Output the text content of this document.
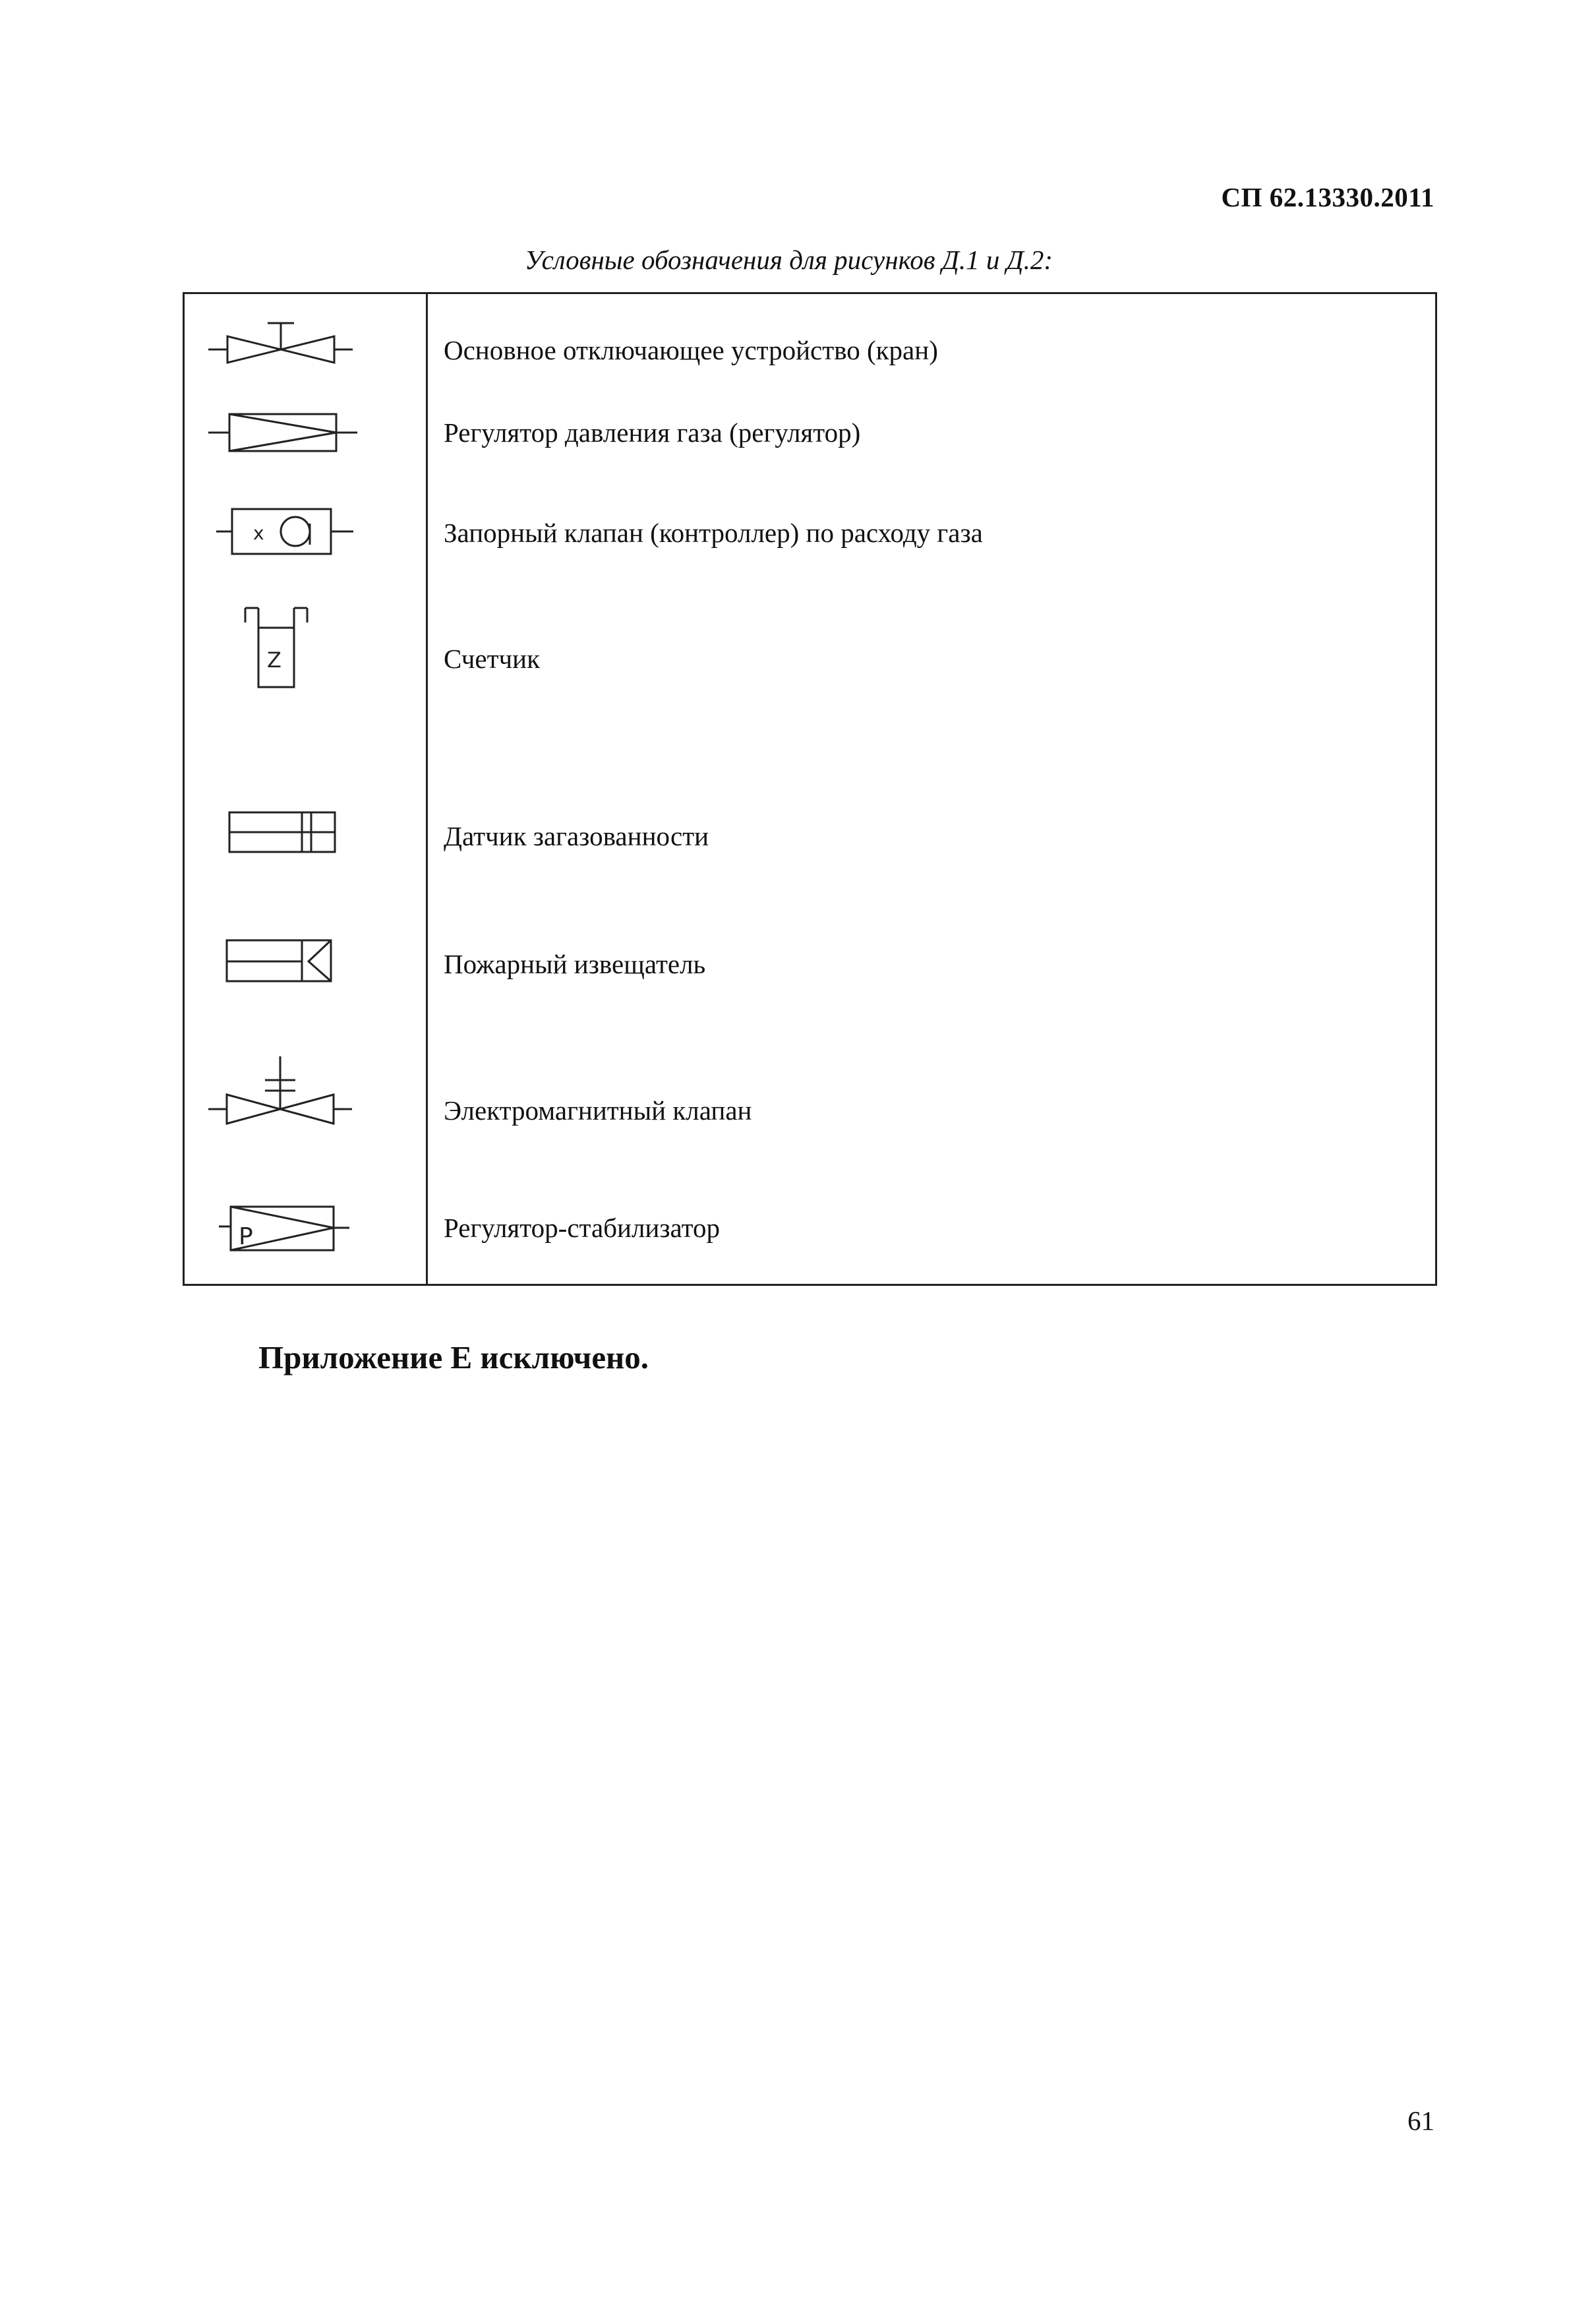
СП 62.13330.2011
Условные обозначения для рисунков Д.1 и Д.2:
Основное отключающее устройство (кран)
Регулятор давления газа (регулятор)
x	Запорный клапан (контроллер) по расходу газа
Z	Счетчик
Датчик загазованности
Пожарный извещатель
Электромагнитный клапан
P	Регулятор-стабилизатор
Приложение Е исключено.
61
